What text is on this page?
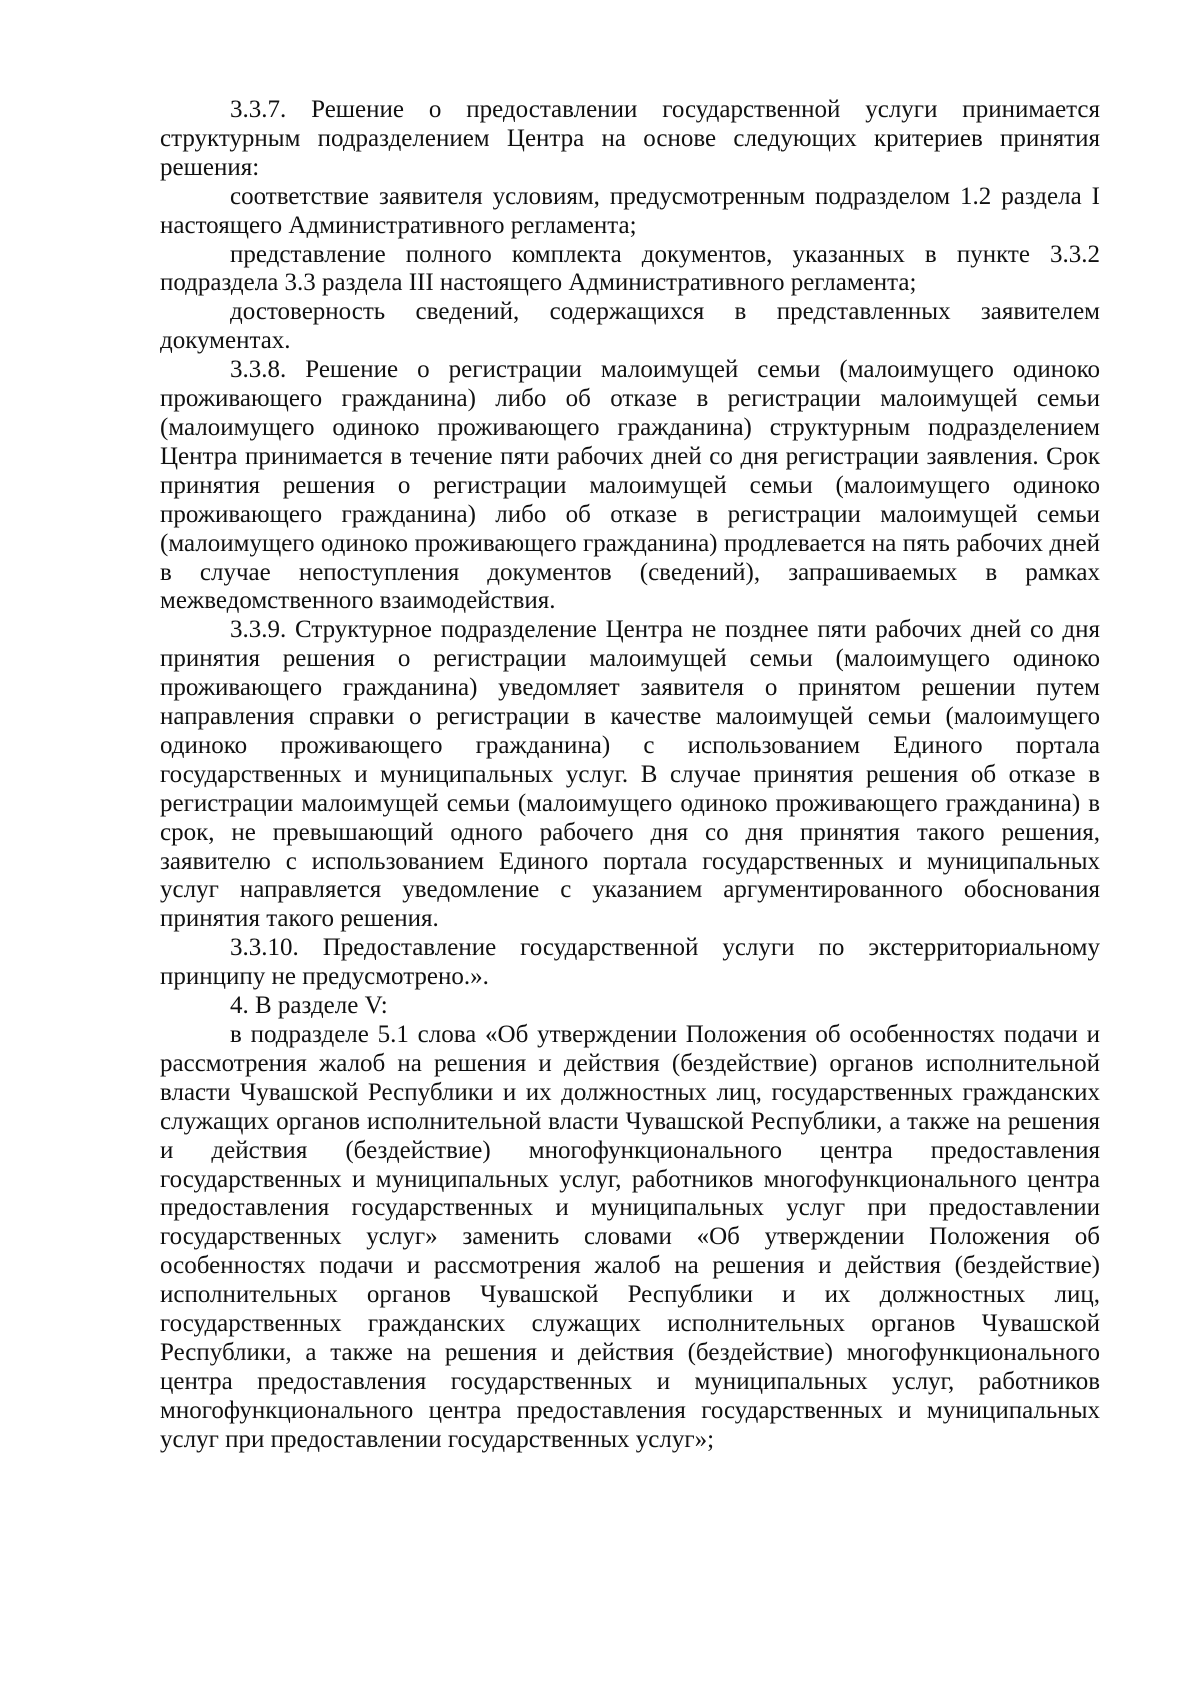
3.3.7. Решение о предоставлении государственной услуги принимается структурным подразделением Центра на основе следующих критериев принятия решения:

соответствие заявителя условиям, предусмотренным подразделом 1.2 раздела I настоящего Административного регламента;

представление полного комплекта документов, указанных в пункте 3.3.2 подраздела 3.3 раздела III настоящего Административного регламента;

достоверность сведений, содержащихся в представленных заявителем документах.

3.3.8. Решение о регистрации малоимущей семьи (малоимущего одиноко проживающего гражданина) либо об отказе в регистрации малоимущей семьи (малоимущего одиноко проживающего гражданина) структурным подразделением Центра принимается в течение пяти рабочих дней со дня регистрации заявления. Срок принятия решения о регистрации малоимущей семьи (малоимущего одиноко проживающего гражданина) либо об отказе в регистрации малоимущей семьи (малоимущего одиноко проживающего гражданина) продлевается на пять рабочих дней в случае непоступления документов (сведений), запрашиваемых в рамках межведомственного взаимодействия.

3.3.9. Структурное подразделение Центра не позднее пяти рабочих дней со дня принятия решения о регистрации малоимущей семьи (малоимущего одиноко проживающего гражданина) уведомляет заявителя о принятом решении путем направления справки о регистрации в качестве малоимущей семьи (малоимущего одиноко проживающего гражданина) с использованием Единого портала государственных и муниципальных услуг. В случае принятия решения об отказе в регистрации малоимущей семьи (малоимущего одиноко проживающего гражданина) в срок, не превышающий одного рабочего дня со дня принятия такого решения, заявителю с использованием Единого портала государственных и муниципальных услуг направляется уведомление с указанием аргументированного обоснования принятия такого решения.

3.3.10. Предоставление государственной услуги по экстерриториальному принципу не предусмотрено.».

4. В разделе V:

в подразделе 5.1 слова «Об утверждении Положения об особенностях подачи и рассмотрения жалоб на решения и действия (бездействие) органов исполнительной власти Чувашской Республики и их должностных лиц, государственных гражданских служащих органов исполнительной власти Чувашской Республики, а также на решения и действия (бездействие) многофункционального центра предоставления государственных и муниципальных услуг, работников многофункционального центра предоставления государственных и муниципальных услуг при предоставлении государственных услуг» заменить словами «Об утверждении Положения об особенностях подачи и рассмотрения жалоб на решения и действия (бездействие) исполнительных органов Чувашской Республики и их должностных лиц, государственных гражданских служащих исполнительных органов Чувашской Республики, а также на решения и действия (бездействие) многофункционального центра предоставления государственных и муниципальных услуг, работников многофункционального центра предоставления государственных и муниципальных услуг при предоставлении государственных услуг»;
